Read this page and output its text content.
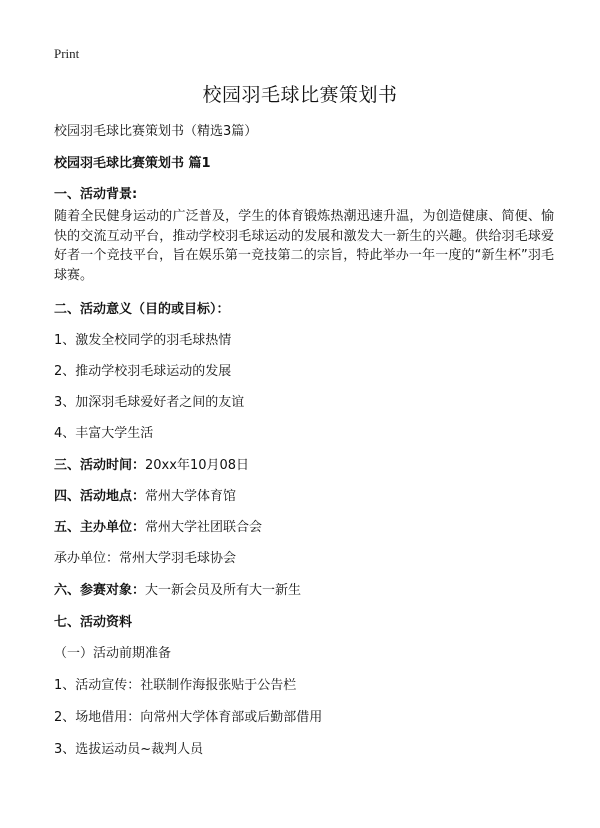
Print
校园羽毛球比赛策划书
校园羽毛球比赛策划书（精选3篇）
校园羽毛球比赛策划书 篇1
一、活动背景:
随着全民健身运动的广泛普及，学生的体育锻炼热潮迅速升温，为创造健康、简便、愉快的交流互动平台，推动学校羽毛球运动的发展和激发大一新生的兴趣。供给羽毛球爱好者一个竞技平台，旨在娱乐第一竞技第二的宗旨，特此举办一年一度的“新生杯”羽毛球赛。
二、活动意义（目的或目标）：
1、激发全校同学的羽毛球热情
2、推动学校羽毛球运动的发展
3、加深羽毛球爱好者之间的友谊
4、丰富大学生活
三、活动时间：20xx年10月08日
四、活动地点：常州大学体育馆
五、主办单位：常州大学社团联合会
承办单位：常州大学羽毛球协会
六、参赛对象：大一新会员及所有大一新生
七、活动资料
（一）活动前期准备
1、活动宣传：社联制作海报张贴于公告栏
2、场地借用：向常州大学体育部或后勤部借用
3、选拔运动员~裁判人员
